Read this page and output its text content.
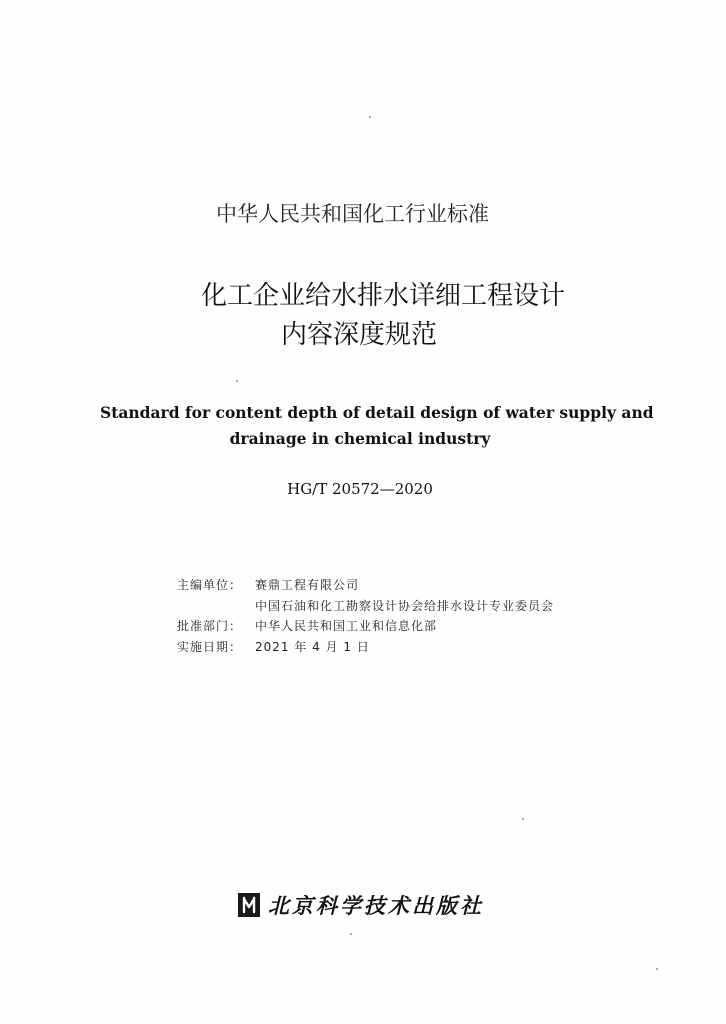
中华人民共和国化工行业标准
化工企业给水排水详细工程设计
内容深度规范
Standard for content depth of detail design of water supply and
drainage in chemical industry
HG/T 20572—2020
主编单位：	赛鼎工程有限公司
中国石油和化工勘察设计协会给排水设计专业委员会
批准部门：	中华人民共和国工业和信息化部
实施日期：	2021 年 4 月 1 日
北京科学技术出版社
